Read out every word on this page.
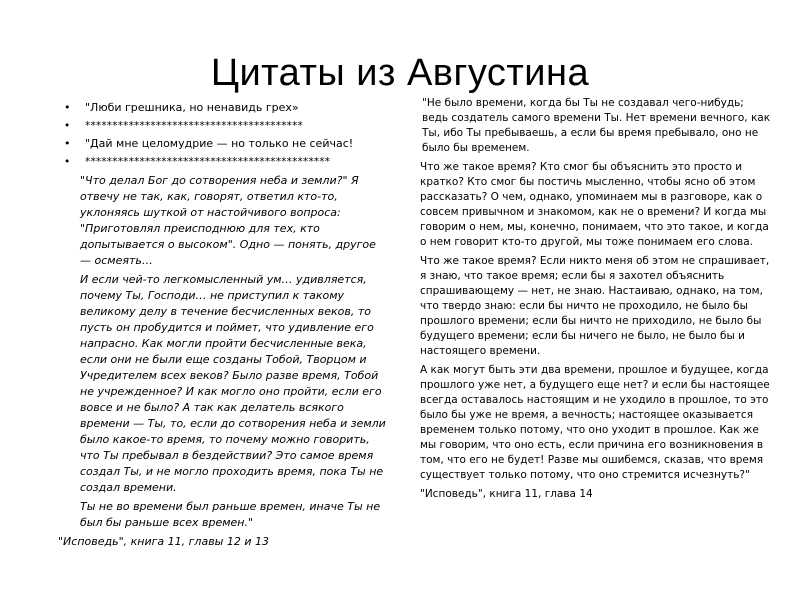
Цитаты из Августина
• "Люби грешника, но ненавидь грех»
• ****************************************
• "Дай мне целомудрие — но только не сейчас!
• *********************************************

"Что делал Бог до сотворения неба и земли?" Я отвечу не так, как, говорят, ответил кто-то, уклоняясь шуткой от настойчивого вопроса: "Приготовлял преисподнюю для тех, кто допытывается о высоком". Одно — понять, другое — осмеять…

И если чей-то легкомысленный ум… удивляется, почему Ты, Господи… не приступил к такому великому делу в течение бесчисленных веков, то пусть он пробудится и поймет, что удивление его напрасно. Как могли пройти бесчисленные века, если они не были еще созданы Тобой, Творцом и Учредителем всех веков? Было разве время, Тобой не учрежденное? И как могло оно пройти, если его вовсе и не было? А так как делатель всякого времени — Ты, то, если до сотворения неба и земли было какое-то время, то почему можно говорить, что Ты пребывал в бездействии? Это самое время создал Ты, и не могло проходить время, пока Ты не создал времени.

Ты не во времени был раньше времен, иначе Ты не был бы раньше всех времен."

"Исповедь", книга 11, главы 12 и 13

"Не было времени, когда бы Ты не создавал чего-нибудь; ведь создатель самого времени Ты. Нет времени вечного, как Ты, ибо Ты пребываешь, а если бы время пребывало, оно не было бы временем.

Что же такое время? Кто смог бы объяснить это просто и кратко? Кто смог бы постичь мысленно, чтобы ясно об этом рассказать? О чем, однако, упоминаем мы в разговоре, как о совсем привычном и знакомом, как не о времени? И когда мы говорим о нем, мы, конечно, понимаем, что это такое, и когда о нем говорит кто-то другой, мы тоже понимаем его слова.

Что же такое время? Если никто меня об этом не спрашивает, я знаю, что такое время; если бы я захотел объяснить спрашивающему — нет, не знаю. Настаиваю, однако, на том, что твердо знаю: если бы ничто не проходило, не было бы прошлого времени; если бы ничто не приходило, не было бы будущего времени; если бы ничего не было, не было бы и настоящего времени.

А как могут быть эти два времени, прошлое и будущее, когда прошлого уже нет, а будущего еще нет? и если бы настоящее всегда оставалось настоящим и не уходило в прошлое, то это было бы уже не время, а вечность; настоящее оказывается временем только потому, что оно уходит в прошлое. Как же мы говорим, что оно есть, если причина его возникновения в том, что его не будет! Разве мы ошибемся, сказав, что время существует только потому, что оно стремится исчезнуть?"

"Исповедь", книга 11, глава 14
